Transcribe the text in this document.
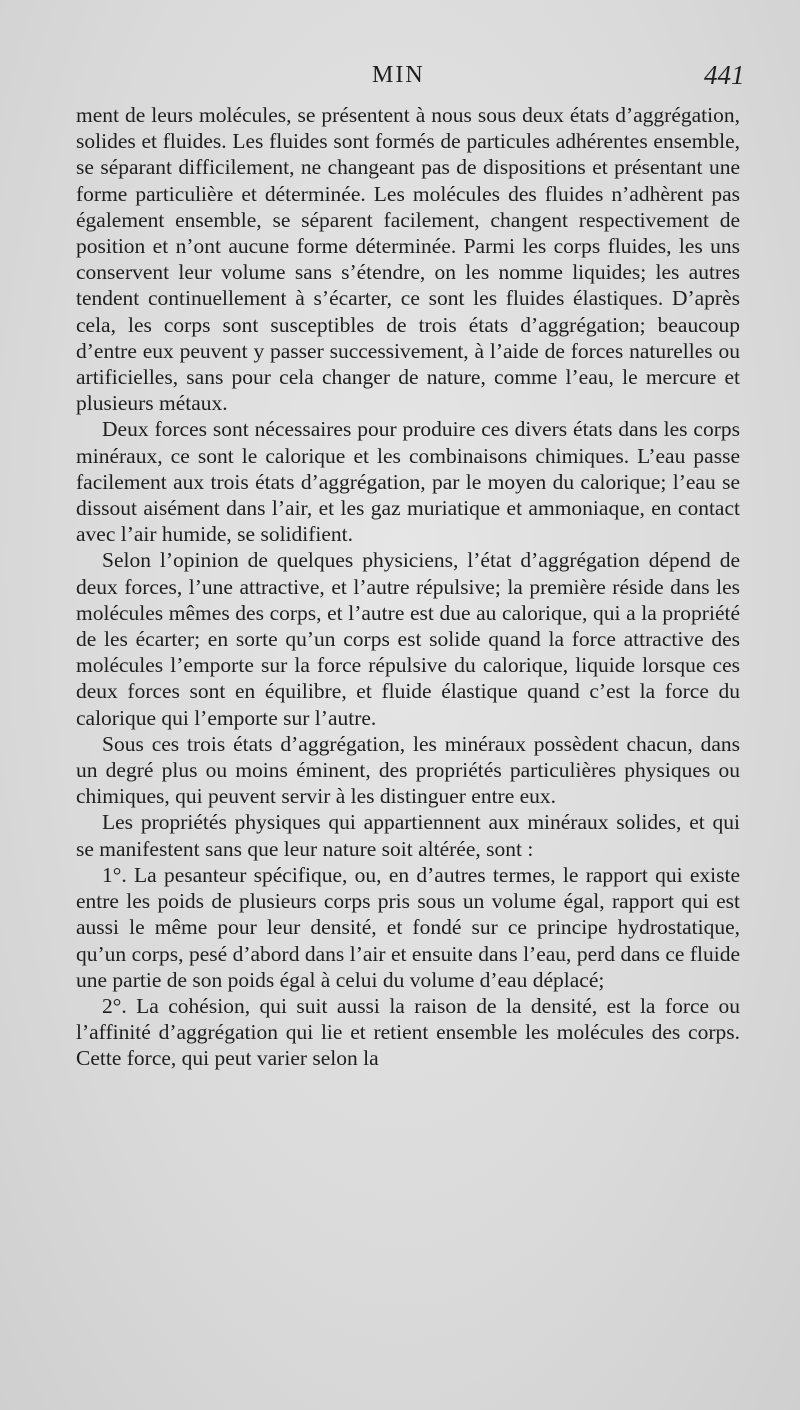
MIN	441

ment de leurs molécules, se présentent à nous sous deux états d’aggrégation, solides et fluides. Les fluides sont formés de particules adhérentes ensemble, se séparant difficilement, ne changeant pas de dispositions et présentant une forme particulière et déterminée. Les molécules des fluides n’adhèrent pas également ensemble, se séparent facilement, changent respectivement de position et n’ont aucune forme déterminée. Parmi les corps fluides, les uns conservent leur volume sans s’étendre, on les nomme liquides; les autres tendent continuellement à s’écarter, ce sont les fluides élastiques. D’après cela, les corps sont susceptibles de trois états d’aggrégation; beaucoup d’entre eux peuvent y passer successivement, à l’aide de forces naturelles ou artificielles, sans pour cela changer de nature, comme l’eau, le mercure et plusieurs métaux.

Deux forces sont nécessaires pour produire ces divers états dans les corps minéraux, ce sont le calorique et les combinaisons chimiques. L’eau passe facilement aux trois états d’aggrégation, par le moyen du calorique; l’eau se dissout aisément dans l’air, et les gaz muriatique et ammoniaque, en contact avec l’air humide, se solidifient.

Selon l’opinion de quelques physiciens, l’état d’aggrégation dépend de deux forces, l’une attractive, et l’autre répulsive; la première réside dans les molécules mêmes des corps, et l’autre est due au calorique, qui a la propriété de les écarter; en sorte qu’un corps est solide quand la force attractive des molécules l’emporte sur la force répulsive du calorique, liquide lorsque ces deux forces sont en équilibre, et fluide élastique quand c’est la force du calorique qui l’emporte sur l’autre.

Sous ces trois états d’aggrégation, les minéraux possèdent chacun, dans un degré plus ou moins éminent, des propriétés particulières physiques ou chimiques, qui peuvent servir à les distinguer entre eux.

Les propriétés physiques qui appartiennent aux minéraux solides, et qui se manifestent sans que leur nature soit altérée, sont :

1°. La pesanteur spécifique, ou, en d’autres termes, le rapport qui existe entre les poids de plusieurs corps pris sous un volume égal, rapport qui est aussi le même pour leur densité, et fondé sur ce principe hydrostatique, qu’un corps, pesé d’abord dans l’air et ensuite dans l’eau, perd dans ce fluide une partie de son poids égal à celui du volume d’eau déplacé;

2°. La cohésion, qui suit aussi la raison de la densité, est la force ou l’affinité d’aggrégation qui lie et retient ensemble les molécules des corps. Cette force, qui peut varier selon la
